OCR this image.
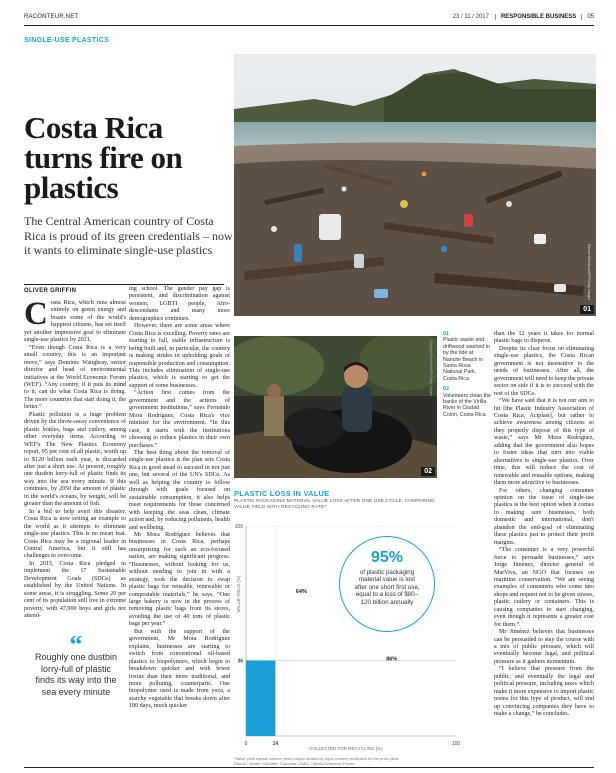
RACONTEUR.NET	23 / 11 / 2017 RESPONSIBLE BUSINESS 05
SINGLE-USE PLASTICS
01
Ramon Mendoza/AFP/Getty Images
Costa Rica turns fire on plastics
The Central American country of Costa Rica is proud of its green credentials – now it wants to eliminate single-use plastics
OLIVER GRIFFIN

Costa Rica, which runs almost entirely on green energy and boasts some of the world's happiest citizens, has set itself yet another impressive goal to eliminate single-use plastics by 2021.

“Even though Costa Rica is a very small country, this is an important move,” says Dominic Waughray, senior director and head of environmental initiatives at the World Economic Forum (WEF). “Any country, if it puts its mind to it, can do what Costa Rica is doing. The more countries that start doing it, the better.”

Plastic pollution is a huge problem driven by the throw-away convenience of plastic bottles, bags and cutlery, among other everyday items. According to WEF's The New Plastics Economy report, 95 per cent of all plastic, worth up to $120 billion each year, is discarded after just a short use. At present, roughly one dustbin lorry-full of plastic finds its way into the sea every minute. If this continues, by 2050 the amount of plastic in the world's oceans, by weight, will be greater than the amount of fish.

In a bid to help avert this disaster, Costa Rica is now setting an example to the world as it attempts to eliminate single-use plastics. This is no mean feat. Costa Rica may be a regional leader in Central America, but it still has challenges to overcome.

In 2015, Costa Rica pledged to implement the 17 Sustainable Development Goals (SDGs) as established by the United Nations. In some areas, it is struggling. Some 20 per cent of its population still live in extreme poverty, with 47,000 boys and girls not attend-

“
Roughly one dustbin lorry-full of plastic finds its way into the sea every minute

ing school. The gender pay gap is persistent, and discrimination against women, LGBTI people, Afro-descendants and many more demographics continues.

However, there are some areas where Costa Rica is excelling. Poverty rates are starting to fall, stable infrastructure is being built and, in particular, the country is making strides in upholding goals of responsible production and consumption. This includes elimination of single-use plastics, which is starting to get the support of some businesses.

“Action first comes from the government and the actions of government institutions,” says Fernando Mora Rodríguez, Costa Rica's vice minister for the environment. “In this case, it starts with the institutions choosing to reduce plastics in their own purchases.”

The best thing about the removal of single-use plastics is the plan sets Costa Rica in good stead to succeed in not just one, but several of the UN's SDGs. As well as helping the country to follow through with goals focused on sustainable consumption, it also helps meet requirements for those concerned with keeping the seas clean, climate action and, by reducing pollutants, health and wellbeing.

Mr Mora Rodríguez believes that businesses in Costa Rica, perhaps unsurprising for such an eco-focused nation, are making significant progress. “Businesses, without looking for us, without needing to join in with a strategy, took the decision to swap plastic bags for reusable, renewable or compostable materials,” he says. “One large bakery is now in the process of removing plastic bags from its stores, avoiding the use of 40 tons of plastic bags per year.”

But with the support of the government, Mr Mora Rodríguez explains, businesses are starting to switch from conventional oil-based plastics to biopolymers, which begin to breakdown quicker and with fewer toxins than their more traditional, and more polluting, counterparts. One biopolymer used is made from yuca, a starchy vegetable that breaks down after 180 days, much quicker

02
Ezequiel Becerra/AFP/Getty Images
01
Plastic waste and driftwood washed in by the tide at Nancite Beach in Santa Rosa National Park, Costa Rica
02
Volunteers clean the banks of the Virilla River in Ciudad Colón, Costa Rica

than the 12 years it takes for normal plastic bags to disperse.

Despite its clear focus on eliminating single-use plastics, the Costa Rican government is not insensitive to the needs of businesses. After all, the government will need to keep the private sector on side if it is to succeed with the rest of the SDGs.

“We have said that it is not our aim to hit [the Plastic Industry Association of Costa Rica, Aciplast], but rather to achieve awareness among citizens so they properly dispose of this type of waste,” says Mr Mora Rodríguez, adding that the government also hopes to foster ideas that turn into viable alternatives to single-use plastics. Over time, this will reduce the cost of renewable and reusable options, making them more attractive to businesses.

For others, changing consumer opinion on the issue of single-use plastics is the best option when it comes to making sure businesses, both domestic and international, don't abandon the end-goal of eliminating these plastics just to protect their profit margins.

“The consumer is a very powerful force to persuade businesses,” says Jorge Jiménez, director general of MarViva, an NGO that focuses on maritime conservation. “We are seeing examples of consumers who come into shops and request not to be given straws, plastic cutlery or containers. This is causing companies to start changing, even though it represents a greater cost for them.”

Mr Jiménez believes that businesses can be persuaded to stay the course with a mix of public pressure, which will eventually become legal, and political pressure as it gathers momentum.

“I believe that pressure from the public, and eventually the legal and political pressure, including taxes which make it more expensive to import plastic resins for this type of product, will end up convincing companies they have to make a change,” he concludes.

PLASTIC LOSS IN VALUE
PLASTIC PACKAGING MATERIAL VALUE LOSS AFTER ONE USE CYCLE, COMPARING VALUE YIELD WITH RECYCLING RATE*
0	14	100
100
36
64%
86%
VALUE YIELD (%)
COLLECTED FOR RECYCLING (%)
95%
of plastic packaging material value is lost after one short first use, equal to a loss of $80–120 billion annually
*Value yield equals volume yield (output divided by input volume) multiplied by the price yield
Raoult / Veese / Deloitte / Eunomia / EMIC / World Economic Forum
